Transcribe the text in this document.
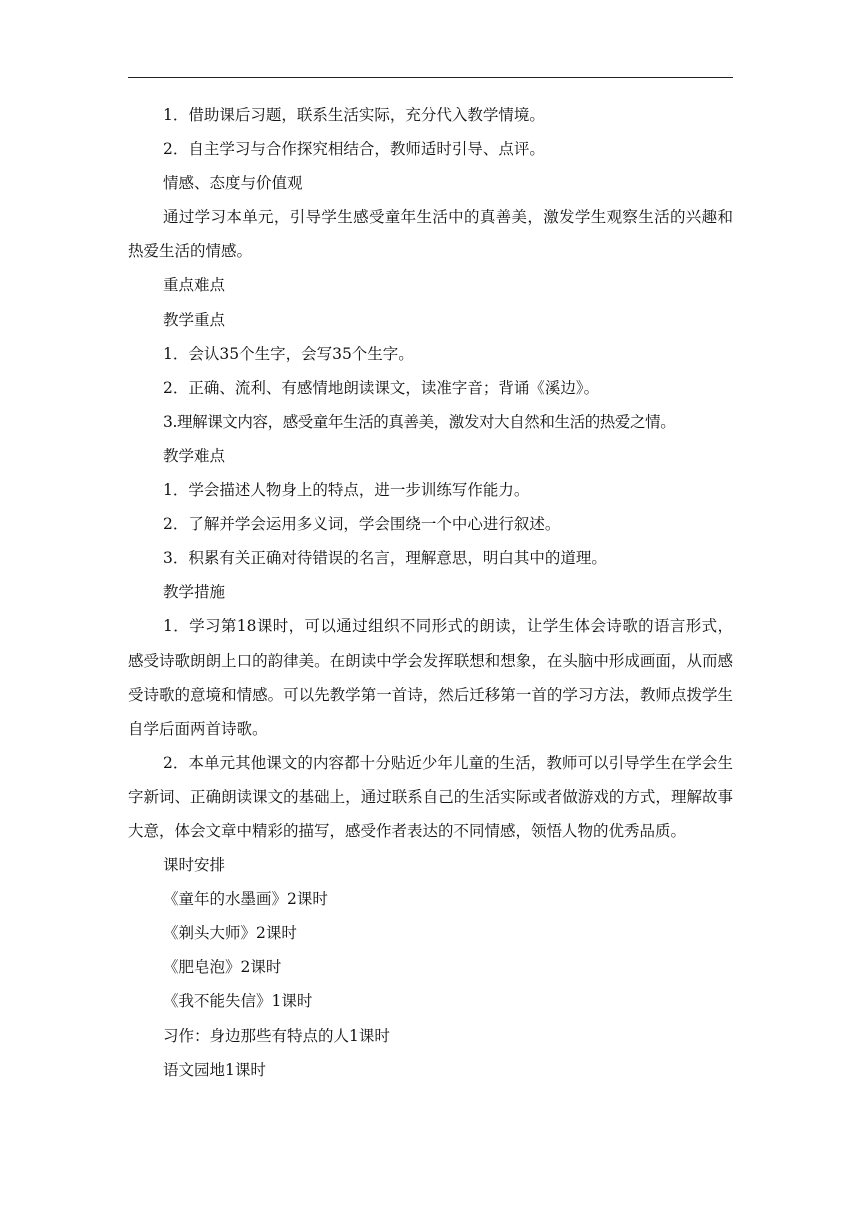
1．借助课后习题，联系生活实际，充分代入教学情境。

2．自主学习与合作探究相结合，教师适时引导、点评。

情感、态度与价值观

通过学习本单元，引导学生感受童年生活中的真善美，激发学生观察生活的兴趣和热爱生活的情感。

重点难点

教学重点

1．会认35个生字，会写35个生字。

2．正确、流利、有感情地朗读课文，读准字音；背诵《溪边》。

3.理解课文内容，感受童年生活的真善美，激发对大自然和生活的热爱之情。

教学难点

1．学会描述人物身上的特点，进一步训练写作能力。

2．了解并学会运用多义词，学会围绕一个中心进行叙述。

3．积累有关正确对待错误的名言，理解意思，明白其中的道理。

教学措施

1．学习第18课时，可以通过组织不同形式的朗读，让学生体会诗歌的语言形式，感受诗歌朗朗上口的韵律美。在朗读中学会发挥联想和想象，在头脑中形成画面，从而感受诗歌的意境和情感。可以先教学第一首诗，然后迁移第一首的学习方法，教师点拨学生自学后面两首诗歌。

2．本单元其他课文的内容都十分贴近少年儿童的生活，教师可以引导学生在学会生字新词、正确朗读课文的基础上，通过联系自己的生活实际或者做游戏的方式，理解故事大意，体会文章中精彩的描写，感受作者表达的不同情感，领悟人物的优秀品质。

课时安排

《童年的水墨画》2课时

《剃头大师》2课时

《肥皂泡》2课时

《我不能失信》1课时

习作：身边那些有特点的人1课时

语文园地1课时
